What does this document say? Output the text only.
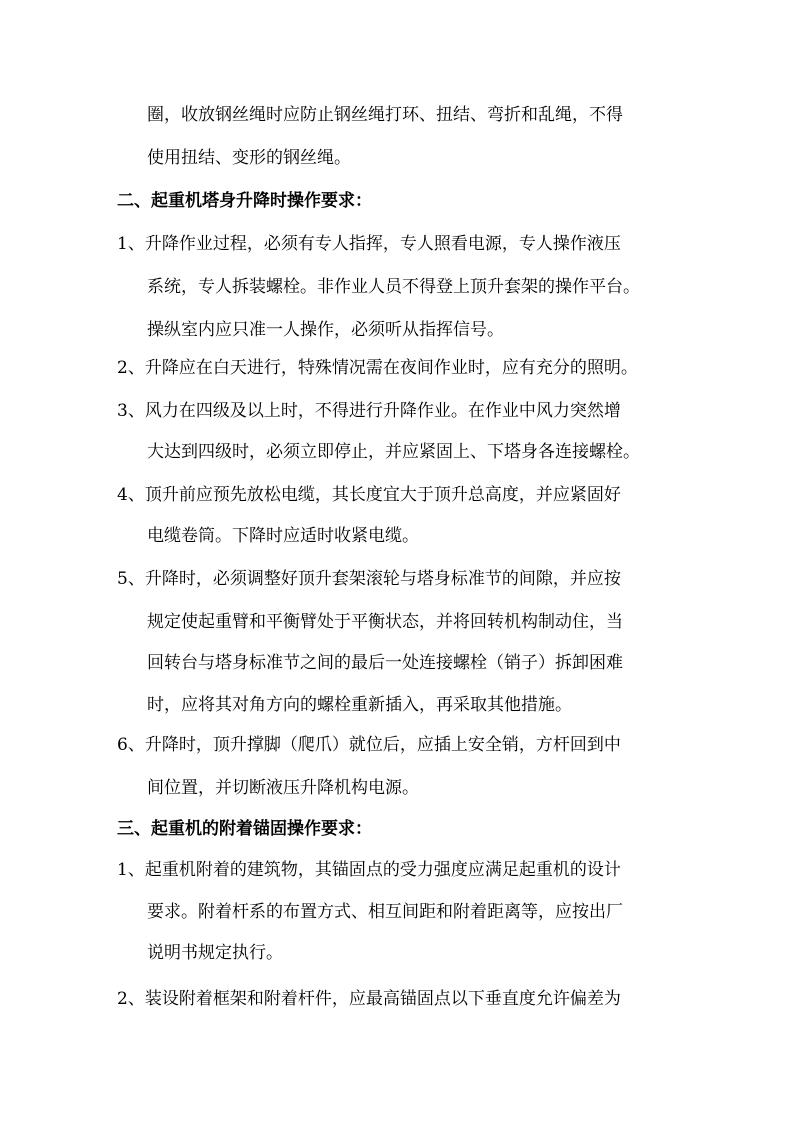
圈，收放钢丝绳时应防止钢丝绳打环、扭结、弯折和乱绳，不得
使用扭结、变形的钢丝绳。
二、起重机塔身升降时操作要求：
1、升降作业过程，必须有专人指挥，专人照看电源，专人操作液压
系统，专人拆装螺栓。非作业人员不得登上顶升套架的操作平台。
操纵室内应只准一人操作，必须听从指挥信号。
2、升降应在白天进行，特殊情况需在夜间作业时，应有充分的照明。
3、风力在四级及以上时，不得进行升降作业。在作业中风力突然增
大达到四级时，必须立即停止，并应紧固上、下塔身各连接螺栓。
4、顶升前应预先放松电缆，其长度宜大于顶升总高度，并应紧固好
电缆卷筒。下降时应适时收紧电缆。
5、升降时，必须调整好顶升套架滚轮与塔身标准节的间隙，并应按
规定使起重臂和平衡臂处于平衡状态，并将回转机构制动住，当
回转台与塔身标准节之间的最后一处连接螺栓（销子）拆卸困难
时，应将其对角方向的螺栓重新插入，再采取其他措施。
6、升降时，顶升撑脚（爬爪）就位后，应插上安全销，方杆回到中
间位置，并切断液压升降机构电源。
三、起重机的附着锚固操作要求：
1、起重机附着的建筑物，其锚固点的受力强度应满足起重机的设计
要求。附着杆系的布置方式、相互间距和附着距离等，应按出厂
说明书规定执行。
2、装设附着框架和附着杆件，应最高锚固点以下垂直度允许偏差为
